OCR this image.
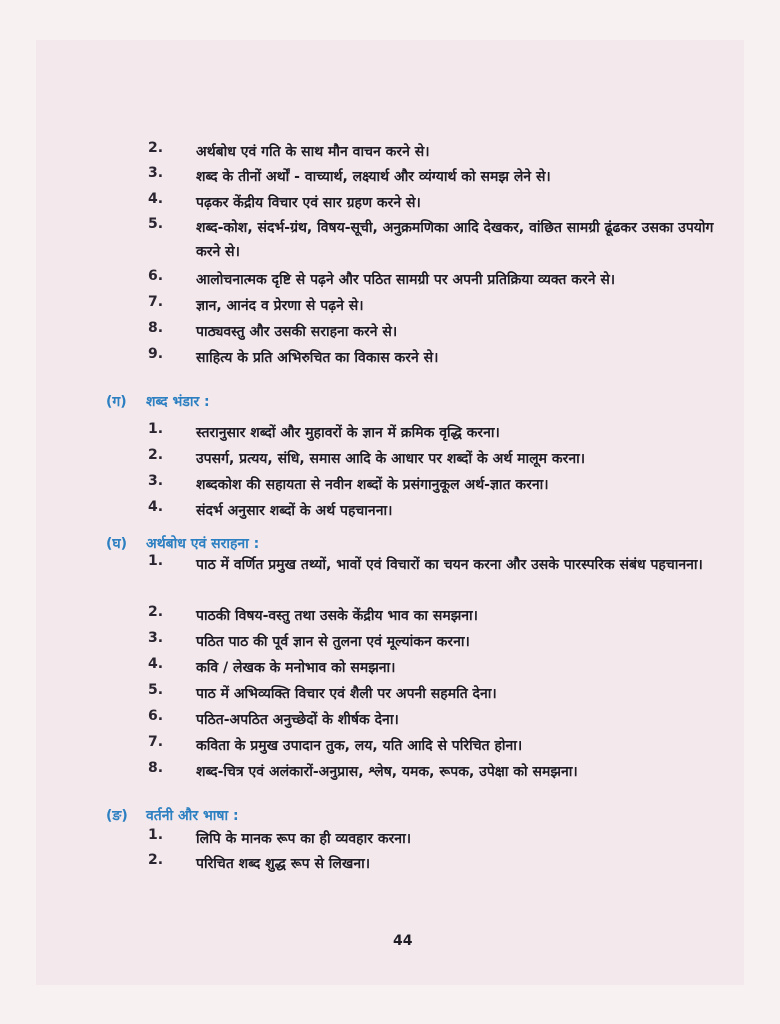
2. अर्थबोध एवं गति के साथ मौन वाचन करने से।
3. शब्द के तीनों अर्थों - वाच्यार्थ, लक्ष्यार्थ और व्यंग्यार्थ को समझ लेने से।
4. पढ़कर केंद्रीय विचार एवं सार ग्रहण करने से।
5. शब्द-कोश, संदर्भ-ग्रंथ, विषय-सूची, अनुक्रमणिका आदि देखकर, वांछित सामग्री ढूंढकर उसका उपयोग करने से।
6. आलोचनात्मक दृष्टि से पढ़ने और पठित सामग्री पर अपनी प्रतिक्रिया व्यक्त करने से।
7. ज्ञान, आनंद व प्रेरणा से पढ़ने से।
8. पाठ्यवस्तु और उसकी सराहना करने से।
9. साहित्य के प्रति अभिरुचित का विकास करने से।
(ग) शब्द भंडार :
1. स्तरानुसार शब्दों और मुहावरों के ज्ञान में क्रमिक वृद्धि करना।
2. उपसर्ग, प्रत्यय, संधि, समास आदि के आधार पर शब्दों के अर्थ मालूम करना।
3. शब्दकोश की सहायता से नवीन शब्दों के प्रसंगानुकूल अर्थ-ज्ञात करना।
4. संदर्भ अनुसार शब्दों के अर्थ पहचानना।
(घ) अर्थबोध एवं सराहना :
1. पाठ में वर्णित प्रमुख तथ्यों, भावों एवं विचारों का चयन करना और उसके पारस्परिक संबंध पहचानना।
2. पाठकी विषय-वस्तु तथा उसके केंद्रीय भाव का समझना।
3. पठित पाठ की पूर्व ज्ञान से तुलना एवं मूल्यांकन करना।
4. कवि / लेखक के मनोभाव को समझना।
5. पाठ में अभिव्यक्ति विचार एवं शैली पर अपनी सहमति देना।
6. पठित-अपठित अनुच्छेदों के शीर्षक देना।
7. कविता के प्रमुख उपादान तुक, लय, यति आदि से परिचित होना।
8. शब्द-चित्र एवं अलंकारों-अनुप्रास, श्लेष, यमक, रूपक, उपेक्षा को समझना।
(ङ) वर्तनी और भाषा :
1. लिपि के मानक रूप का ही व्यवहार करना।
2. परिचित शब्द शुद्ध रूप से लिखना।
44
